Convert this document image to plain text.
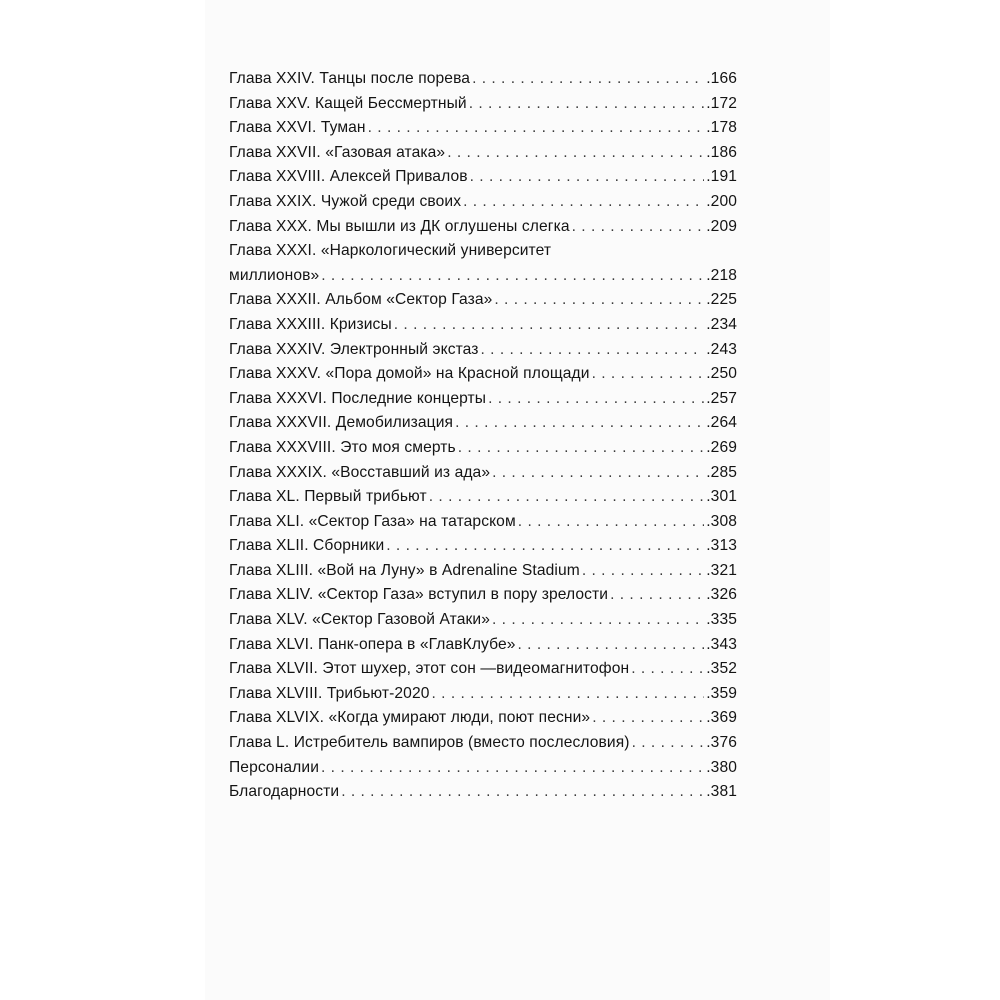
Глава XXIV. Танцы после порева . . .	.166
Глава XXV. Кащей Бессмертный . . .	.172
Глава XXVI. Туман . . .	.178
Глава XXVII. «Газовая атака» . . .	.186
Глава XXVIII. Алексей Привалов . . .	.191
Глава XXIX. Чужой среди своих . . .	.200
Глава XXX. Мы вышли из ДК оглушены слегка . . .	.209
Глава XXXI. «Наркологический университет
миллионов» . . .	.218
Глава XXXII. Альбом «Сектор Газа» . . .	.225
Глава XXXIII. Кризисы . . .	.234
Глава XXXIV. Электронный экстаз . . .	.243
Глава XXXV. «Пора домой» на Красной площади . . .	.250
Глава XXXVI. Последние концерты . . .	.257
Глава XXXVII. Демобилизация . . .	.264
Глава XXXVIII. Это моя смерть . . .	.269
Глава XXXIX. «Восставший из ада» . . .	.285
Глава XL. Первый трибьют . . .	.301
Глава XLI. «Сектор Газа» на татарском . . .	.308
Глава XLII. Сборники . . .	.313
Глава XLIII. «Вой на Луну» в Adrenaline Stadium . . .	.321
Глава XLIV. «Сектор Газа» вступил в пору зрелости . . .	.326
Глава XLV. «Сектор Газовой Атаки» . . .	.335
Глава XLVI. Панк-опера в «ГлавКлубе» . . .	.343
Глава XLVII. Этот шухер, этот сон —видеомагнитофон . . .	.352
Глава XLVIII. Трибьют-2020 . . .	.359
Глава XLVIX. «Когда умирают люди, поют песни» . . .	.369
Глава L. Истребитель вампиров (вместо послесловия) . . .	.376
Персоналии . . .	.380
Благодарности . . .	.381
